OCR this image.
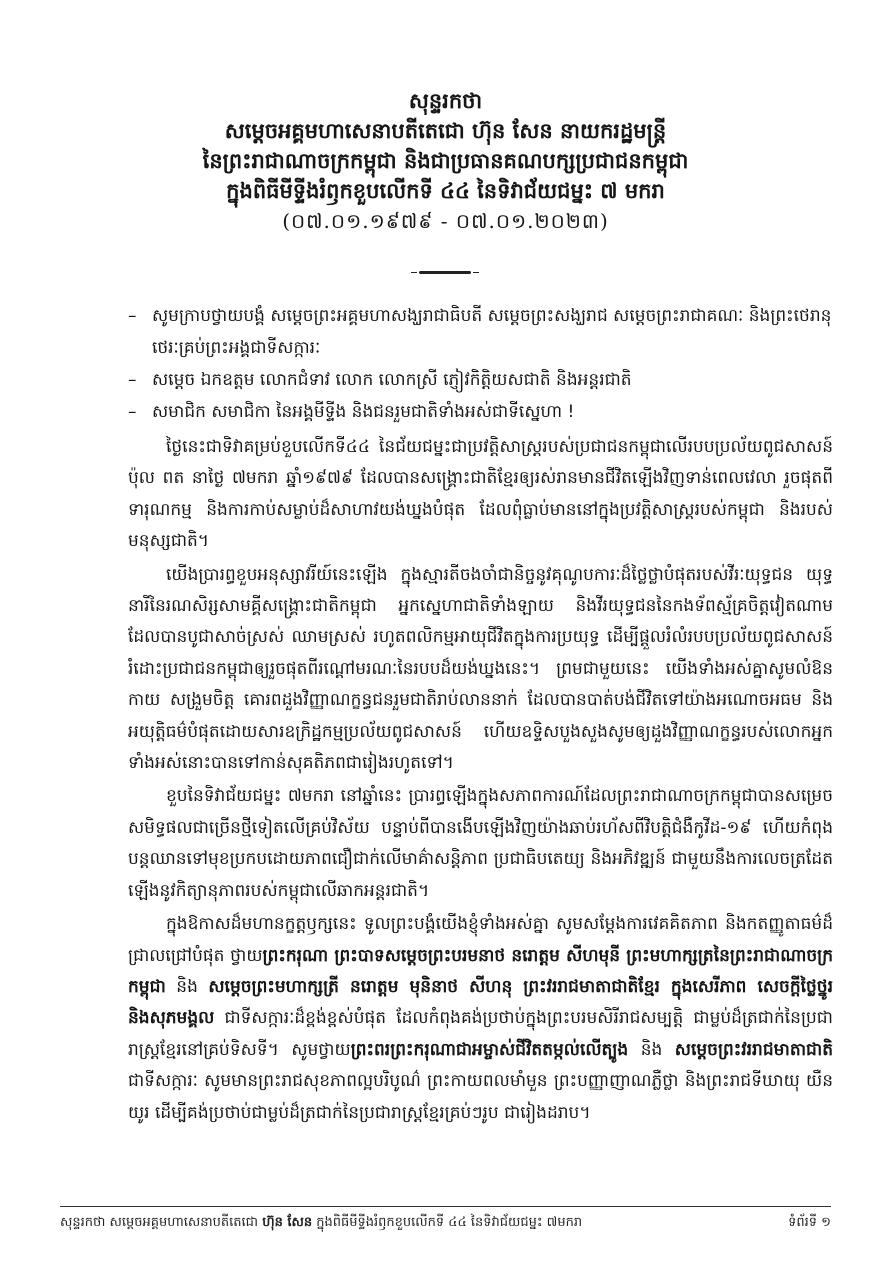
សុន្ទរកថា
សម្តេចអគ្គមហាសេនាបតីតេជោ ហ៊ុន សែន នាយករដ្ឋមន្ត្រី
នៃព្រះរាជាណាចក្រកម្ពុជា និងជាប្រធានគណបក្សប្រជាជនកម្ពុជា
ក្នុងពិធីមីទ្ទីងរំឭកខួបលើកទី ៤៤ នៃទិវាជ័យជម្នះ ៧ មករា
(០៧.០១.១៩៧៩ - ០៧.០១.២០២៣)
– សូមក្រាបថ្វាយបង្គំ សម្តេចព្រះអគ្គមហាសង្ឃរាជាធិបតី សម្តេចព្រះសង្ឃរាជ សម្តេចព្រះរាជាគណៈ និងព្រះថេរានុថេរៈគ្រប់ព្រះអង្គជាទីសក្ការៈ
– សម្តេច ឯកឧត្តម លោកជំទាវ លោក លោកស្រី ភ្ញៀវកិត្តិយសជាតិ និងអន្តរជាតិ
– សមាជិក សមាជិកា នៃអង្គមីទ្ទីង និងជនរួមជាតិទាំងអស់ជាទីស្នេហា !

ថ្ងៃនេះជាទិវាគម្រប់ខួបលើកទី៤៤ នៃជ័យជម្នះជាប្រវត្តិសាស្ត្ររបស់ប្រជាជនកម្ពុជាលើរបបប្រល័យពូជសាសន៍ ប៉ុល ពត នាថ្ងៃ ៧មករា ឆ្នាំ១៩៧៩ ដែលបានសង្គ្រោះជាតិខ្មែរឲ្យរស់រានមានជីវិតឡើងវិញទាន់ពេលវេលា រួចផុតពីទារុណកម្ម និងការកាប់សម្លាប់ដ៏សាហាវយង់ឃ្នងបំផុត ដែលពុំធ្លាប់មាននៅក្នុងប្រវត្តិសាស្ត្ររបស់កម្ពុជា និងរបស់មនុស្សជាតិ។

យើងប្រារព្ធខួបអនុស្សាវរីយ៍នេះឡើង ក្នុងស្មារតីចងចាំជានិច្ចនូវគុណូបការៈដ៏ថ្លៃថ្លាបំផុតរបស់វីរៈយុទ្ធជន យុទ្ធនារីនៃរណសិរ្សសាមគ្គីសង្គ្រោះជាតិកម្ពុជា អ្នកស្នេហាជាតិទាំងឡាយ និងវីរយុទ្ធជននៃកងទ័ពស្ម័គ្រចិត្តវៀតណាម ដែលបានបូជាសាច់ស្រស់ ឈាមស្រស់ រហូតពលិកម្មអាយុជីវិតក្នុងការប្រយុទ្ធ ដើម្បីផ្តួលរំលំរបបប្រល័យពូជសាសន៍ រំដោះប្រជាជនកម្ពុជាឲ្យរួចផុតពីរណ្តៅមរណៈនៃរបបដ៏យង់ឃ្នងនេះ។ ព្រមជាមួយនេះ យើងទាំងអស់គ្នាសូមលំឱនកាយ សង្រួមចិត្ត គោរពដួងវិញ្ញាណក្ខន្ធជនរួមជាតិរាប់លាននាក់ ដែលបានបាត់បង់ជីវិតទៅយ៉ាងអណោចអធម និងអយុត្តិធម៌បំផុតដោយសារឧក្រិដ្ឋកម្មប្រល័យពូជសាសន៍ ហើយឧទ្ទិសបួងសួងសូមឲ្យដួងវិញ្ញាណក្ខន្ធរបស់លោកអ្នកទាំងអស់នោះបានទៅកាន់សុគតិភពជារៀងរហូតទៅ។

ខួបនៃទិវាជ័យជម្នះ ៧មករា នៅឆ្នាំនេះ ប្រារព្ធឡើងក្នុងសភាពការណ៍ដែលព្រះរាជាណាចក្រកម្ពុជាបានសម្រេចសមិទ្ធផលជាច្រើនថ្មីទៀតលើគ្រប់វិស័យ បន្ទាប់ពីបានងើបឡើងវិញយ៉ាងឆាប់រហ័សពីវិបត្តិជំងឺកូវីដ-១៩ ហើយកំពុងបន្តឈានទៅមុខប្រកបដោយភាពជឿជាក់លើមាគ៌ាសន្តិភាព ប្រជាធិបតេយ្យ និងអភិវឌ្ឍន៍ ជាមួយនឹងការលេចត្រដែតឡើងនូវកិត្យានុភាពរបស់កម្ពុជាលើឆាកអន្តរជាតិ។

ក្នុងឱកាសដ៏មហានក្ខត្តឫក្សនេះ ទូលព្រះបង្គំយើងខ្ញុំទាំងអស់គ្នា សូមសម្តែងការវេគគិតភាព និងកតញ្ញូតាធម៌ដ៏ជ្រាលជ្រៅបំផុត ថ្វាយព្រះករុណា ព្រះបាទសម្តេចព្រះបរមនាថ នរោត្តម សីហមុនី ព្រះមហាក្សត្រនៃព្រះរាជាណាចក្រកម្ពុជា និង សម្តេចព្រះមហាក្សត្រី នរោត្តម មុនិនាថ សីហនុ ព្រះវររាជមាតាជាតិខ្មែរ ក្នុងសេរីភាព សេចក្តីថ្លៃថ្នូរ និងសុភមង្គល ជាទីសក្ការៈដ៏ខ្ពង់ខ្ពស់បំផុត ដែលកំពុងគង់ប្រថាប់ក្នុងព្រះបរមសិរីរាជសម្បត្តិ ជាម្លប់ដ៏ត្រជាក់នៃប្រជារាស្ត្រខ្មែរនៅគ្រប់ទិសទី។ សូមថ្វាយព្រះពរព្រះករុណាជាអម្ចាស់ជីវិតតម្កល់លើត្បូង និង សម្តេចព្រះវររាជមាតាជាតិ ជាទីសក្ការៈ សូមមានព្រះរាជសុខភាពល្អបរិបូណ៌ ព្រះកាយពលមាំមួន ព្រះបញ្ញាញាណភ្លឺថ្លា និងព្រះរាជទីឃាយុ យឺនយូរ ដើម្បីគង់ប្រថាប់ជាម្លប់ដ៏ត្រជាក់នៃប្រជារាស្ត្រខ្មែរគ្រប់ៗរូប ជារៀងដរាប។

សុន្ទរកថា សម្តេចអគ្គមហាសេនាបតីតេជោ ហ៊ុន សែន ក្នុងពិធីមីទ្ទីងរំឭកខួបលើកទី ៤៤ នៃទិវាជ័យជម្នះ ៧មករា	ទំព័រទី ១
